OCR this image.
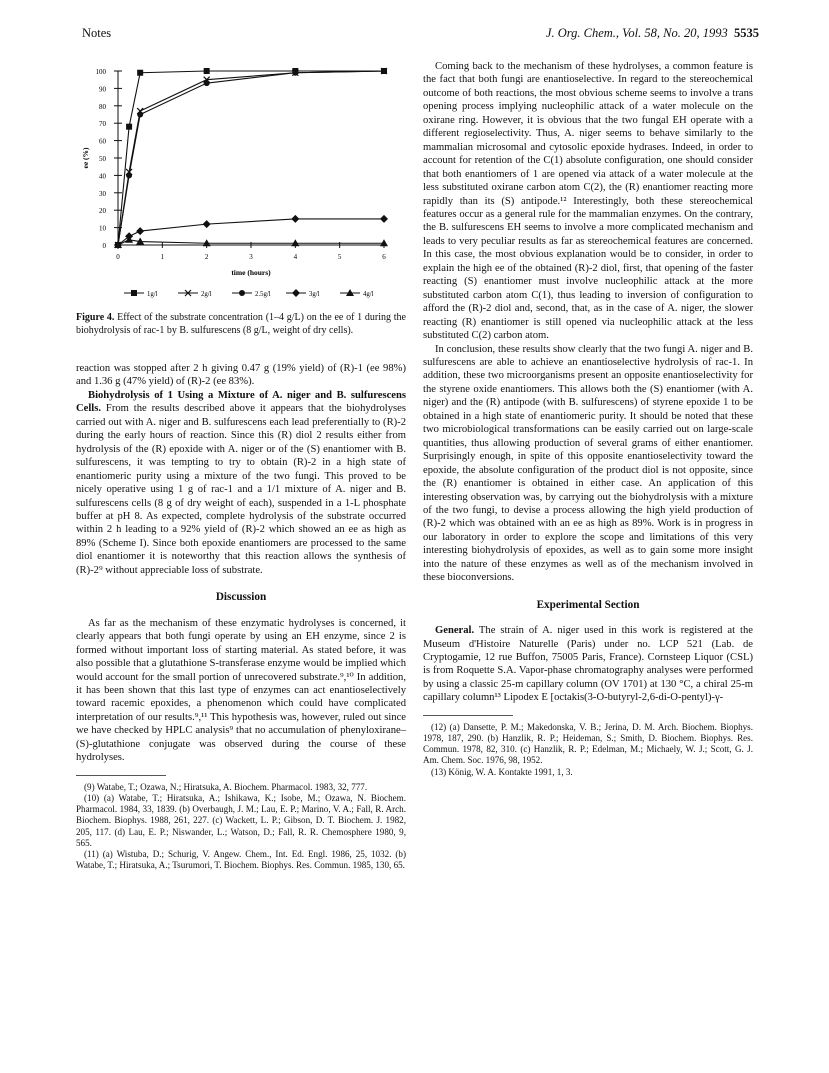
Notes	J. Org. Chem., Vol. 58, No. 20, 1993 5535
0
10
20
30
40
50
60
70
80
90
100
0	1	2	3	4	5	6
time (hours)
ee (%)
1g/l	2g/l	2.5g/l	3g/l	4g/l
Figure 4. Effect of the substrate concentration (1–4 g/L) on the ee of 1 during the biohydrolysis of rac-1 by B. sulfurescens (8 g/L, weight of dry cells).

reaction was stopped after 2 h giving 0.47 g (19% yield) of (R)-1 (ee 98%) and 1.36 g (47% yield) of (R)-2 (ee 83%).

Biohydrolysis of 1 Using a Mixture of A. niger and B. sulfurescens Cells. From the results described above it appears that the biohydrolyses carried out with A. niger and B. sulfurescens each lead preferentially to (R)-2 during the early hours of reaction. Since this (R) diol 2 results either from hydrolysis of the (R) epoxide with A. niger or of the (S) enantiomer with B. sulfurescens, it was tempting to try to obtain (R)-2 in a high state of enantiomeric purity using a mixture of the two fungi. This proved to be nicely operative using 1 g of rac-1 and a 1/1 mixture of A. niger and B. sulfurescens cells (8 g of dry weight of each), suspended in a 1-L phosphate buffer at pH 8. As expected, complete hydrolysis of the substrate occurred within 2 h leading to a 92% yield of (R)-2 which showed an ee as high as 89% (Scheme I). Since both epoxide enantiomers are processed to the same diol enantiomer it is noteworthy that this reaction allows the synthesis of (R)-2⁹ without appreciable loss of substrate.

Discussion

As far as the mechanism of these enzymatic hydrolyses is concerned, it clearly appears that both fungi operate by using an EH enzyme, since 2 is formed without important loss of starting material. As stated before, it was also possible that a glutathione S-transferase enzyme would be implied which would account for the small portion of unrecovered substrate.⁹,¹⁰ In addition, it has been shown that this last type of enzymes can act enantioselectively toward racemic epoxides, a phenomenon which could have complicated interpretation of our results.⁹,¹¹ This hypothesis was, however, ruled out since we have checked by HPLC analysis⁹ that no accumulation of phenyloxirane–(S)-glutathione conjugate was observed during the course of these hydrolyses.

(9) Watabe, T.; Ozawa, N.; Hiratsuka, A. Biochem. Pharmacol. 1983, 32, 777.

(10) (a) Watabe, T.; Hiratsuka, A.; Ishikawa, K.; Isobe, M.; Ozawa, N. Biochem. Pharmacol. 1984, 33, 1839. (b) Overbaugh, J. M.; Lau, E. P.; Marino, V. A.; Fall, R. Arch. Biochem. Biophys. 1988, 261, 227. (c) Wackett, L. P.; Gibson, D. T. Biochem. J. 1982, 205, 117. (d) Lau, E. P.; Niswander, L.; Watson, D.; Fall, R. R. Chemosphere 1980, 9, 565.

(11) (a) Wistuba, D.; Schurig, V. Angew. Chem., Int. Ed. Engl. 1986, 25, 1032. (b) Watabe, T.; Hiratsuka, A.; Tsurumori, T. Biochem. Biophys. Res. Commun. 1985, 130, 65.

Coming back to the mechanism of these hydrolyses, a common feature is the fact that both fungi are enantioselective. In regard to the stereochemical outcome of both reactions, the most obvious scheme seems to involve a trans opening process implying nucleophilic attack of a water molecule on the oxirane ring. However, it is obvious that the two fungal EH operate with a different regioselectivity. Thus, A. niger seems to behave similarly to the mammalian microsomal and cytosolic epoxide hydrases. Indeed, in order to account for retention of the C(1) absolute configuration, one should consider that both enantiomers of 1 are opened via attack of a water molecule at the less substituted oxirane carbon atom C(2), the (R) enantiomer reacting more rapidly than its (S) antipode.¹² Interestingly, both these stereochemical features occur as a general rule for the mammalian enzymes. On the contrary, the B. sulfurescens EH seems to involve a more complicated mechanism and leads to very peculiar results as far as stereochemical features are concerned. In this case, the most obvious explanation would be to consider, in order to explain the high ee of the obtained (R)-2 diol, first, that opening of the faster reacting (S) enantiomer must involve nucleophilic attack at the more substituted carbon atom C(1), thus leading to inversion of configuration to afford the (R)-2 diol and, second, that, as in the case of A. niger, the slower reacting (R) enantiomer is still opened via nucleophilic attack at the less substituted C(2) carbon atom.

In conclusion, these results show clearly that the two fungi A. niger and B. sulfurescens are able to achieve an enantioselective hydrolysis of rac-1. In addition, these two microorganisms present an opposite enantioselectivity for the styrene oxide enantiomers. This allows both the (S) enantiomer (with A. niger) and the (R) antipode (with B. sulfurescens) of styrene epoxide 1 to be obtained in a high state of enantiomeric purity. It should be noted that these two microbiological transformations can be easily carried out on large-scale quantities, thus allowing production of several grams of either enantiomer. Surprisingly enough, in spite of this opposite enantioselectivity toward the epoxide, the absolute configuration of the product diol is not opposite, since the (R) enantiomer is obtained in either case. An application of this interesting observation was, by carrying out the biohydrolysis with a mixture of the two fungi, to devise a process allowing the high yield production of (R)-2 which was obtained with an ee as high as 89%. Work is in progress in our laboratory in order to explore the scope and limitations of this very interesting biohydrolysis of epoxides, as well as to gain some more insight into the nature of these enzymes as well as of the mechanism involved in these bioconversions.

Experimental Section

General. The strain of A. niger used in this work is registered at the Museum d'Histoire Naturelle (Paris) under no. LCP 521 (Lab. de Cryptogamie, 12 rue Buffon, 75005 Paris, France). Cornsteep Liquor (CSL) is from Roquette S.A. Vapor-phase chromatography analyses were performed by using a classic 25-m capillary column (OV 1701) at 130 °C, a chiral 25-m capillary column¹³ Lipodex E [octakis(3-O-butyryl-2,6-di-O-pentyl)-γ-

(12) (a) Dansette, P. M.; Makedonska, V. B.; Jerina, D. M. Arch. Biochem. Biophys. 1978, 187, 290. (b) Hanzlik, R. P.; Heideman, S.; Smith, D. Biochem. Biophys. Res. Commun. 1978, 82, 310. (c) Hanzlik, R. P.; Edelman, M.; Michaely, W. J.; Scott, G. J. Am. Chem. Soc. 1976, 98, 1952.

(13) König, W. A. Kontakte 1991, 1, 3.
